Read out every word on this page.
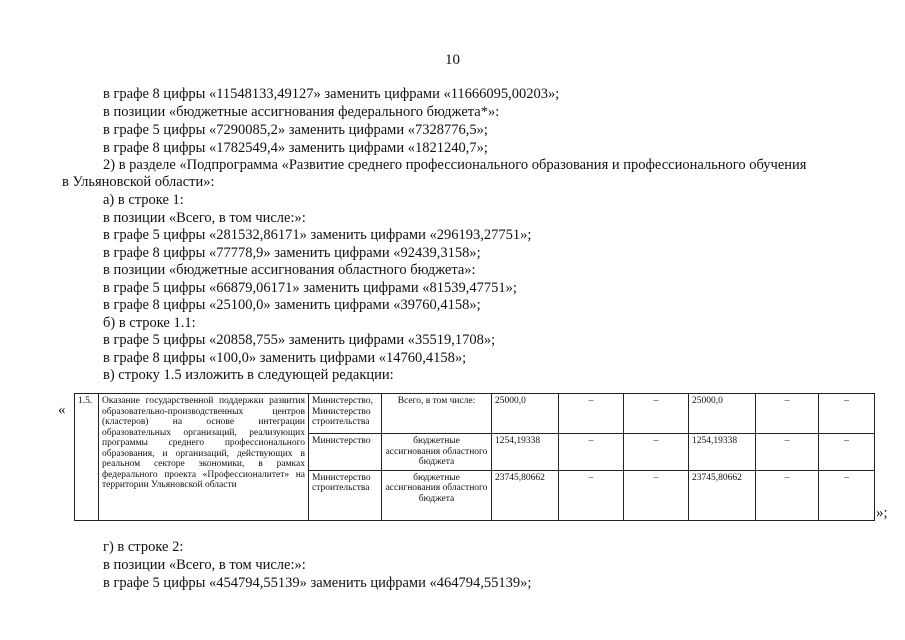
10
в графе 8 цифры «11548133,49127» заменить цифрами «11666095,00203»;
в позиции «бюджетные ассигнования федерального бюджета*»:
в графе 5 цифры «7290085,2» заменить цифрами «7328776,5»;
в графе 8 цифры «1782549,4» заменить цифрами «1821240,7»;
2) в разделе «Подпрограмма «Развитие среднего профессионального образования и профессионального обучения
в Ульяновской области»:
а) в строке 1:
в позиции «Всего, в том числе:»:
в графе 5 цифры «281532,86171» заменить цифрами «296193,27751»;
в графе 8 цифры «77778,9» заменить цифрами «92439,3158»;
в позиции «бюджетные ассигнования областного бюджета»:
в графе 5 цифры «66879,06171» заменить цифрами «81539,47751»;
в графе 8 цифры «25100,0» заменить цифрами «39760,4158»;
б) в строке 1.1:
в графе 5 цифры «20858,755» заменить цифрами «35519,1708»;
в графе 8 цифры «100,0» заменить цифрами «14760,4158»;
в) строку 1.5 изложить в следующей редакции:
«
1.5.	Оказание государственной поддержки развития образовательно-производственных центров (кластеров) на основе интеграции образовательных организаций, реализующих программы среднего профессионального образования, и организаций, действующих в реальном секторе экономики, в рамках федерального проекта «Профессионалитет» на территории Ульяновской области	Министерство, Министерство строительства	Всего, в том числе:	25000,0	–	–	25000,0	–	–
		Министерство	бюджетные ассигнования областного бюджета	1254,19338	–	–	1254,19338	–	–
		Министерство строительства	бюджетные ассигнования областного бюджета	23745,80662	–	–	23745,80662	–	–
»;
г) в строке 2:
в позиции «Всего, в том числе:»:
в графе 5 цифры «454794,55139» заменить цифрами «464794,55139»;
